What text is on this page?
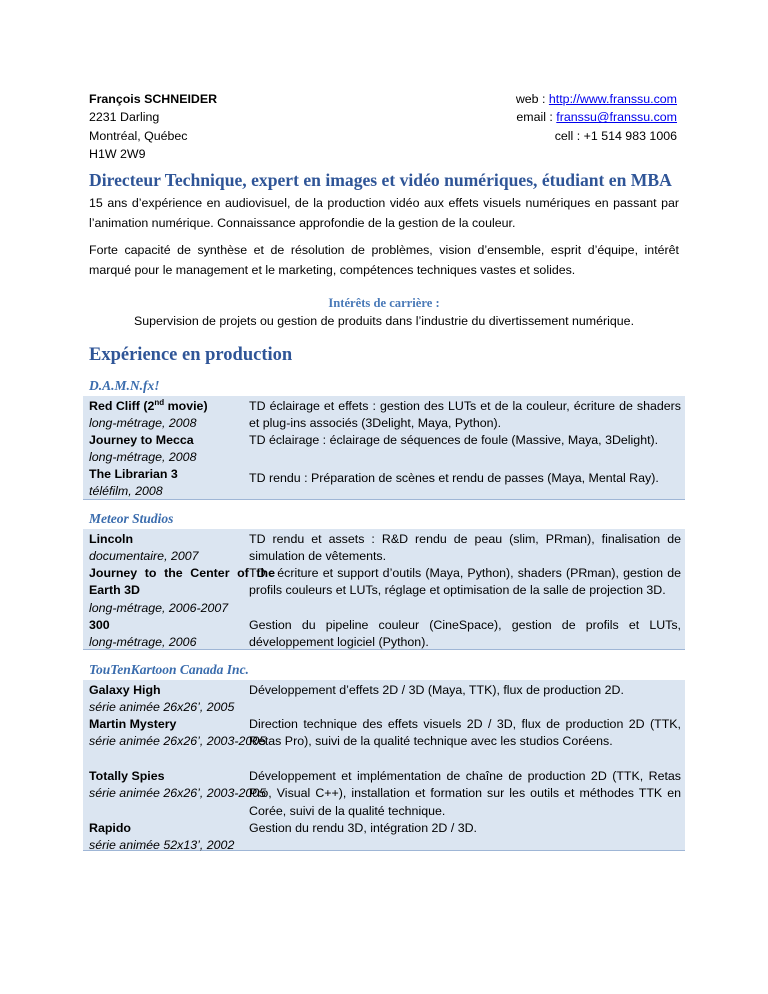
François SCHNEIDER
2231 Darling
Montréal, Québec
H1W 2W9
web : http://www.franssu.com
email : franssu@franssu.com
cell : +1 514 983 1006
Directeur Technique, expert en images et vidéo numériques, étudiant en MBA
15 ans d’expérience en audiovisuel, de la production vidéo aux effets visuels numériques en passant par l’animation numérique. Connaissance approfondie de la gestion de la couleur.
Forte capacité de synthèse et de résolution de problèmes, vision d’ensemble, esprit d’équipe, intérêt marqué pour le management et le marketing, compétences techniques vastes et solides.
Intérêts de carrière :
Supervision de projets ou gestion de produits dans l’industrie du divertissement numérique.
Expérience en production
D.A.M.N.fx!
Red Cliff (2nd movie)
long-métrage, 2008
Journey to Mecca
long-métrage, 2008
The Librarian 3
téléfilm, 2008
TD éclairage et effets : gestion des LUTs et de la couleur, écriture de shaders et plug-ins associés (3Delight, Maya, Python).
TD éclairage : éclairage de séquences de foule (Massive, Maya, 3Delight).
TD rendu : Préparation de scènes et rendu de passes (Maya, Mental Ray).
Meteor Studios
Lincoln
documentaire, 2007
Journey to the Center of the Earth 3D
long-métrage, 2006-2007
300
long-métrage, 2006
TD rendu et assets : R&D rendu de peau (slim, PRman), finalisation de simulation de vêtements.
TD : écriture et support d’outils (Maya, Python), shaders (PRman), gestion de profils couleurs et LUTs, réglage et optimisation de la salle de projection 3D.
Gestion du pipeline couleur (CineSpace), gestion de profils et LUTs, développement logiciel (Python).
TouTenKartoon Canada Inc.
Galaxy High
série animée 26x26’, 2005
Martin Mystery
série animée 26x26’, 2003-2005
Totally Spies
série animée 26x26’, 2003-2005
Rapido
série animée 52x13’, 2002
Développement d’effets 2D / 3D (Maya, TTK), flux de production 2D.
Direction technique des effets visuels 2D / 3D, flux de production 2D (TTK, Retas Pro), suivi de la qualité technique avec les studios Coréens.
Développement et implémentation de chaîne de production 2D (TTK, Retas Pro, Visual C++), installation et formation sur les outils et méthodes TTK en Corée, suivi de la qualité technique.
Gestion du rendu 3D, intégration 2D / 3D.
